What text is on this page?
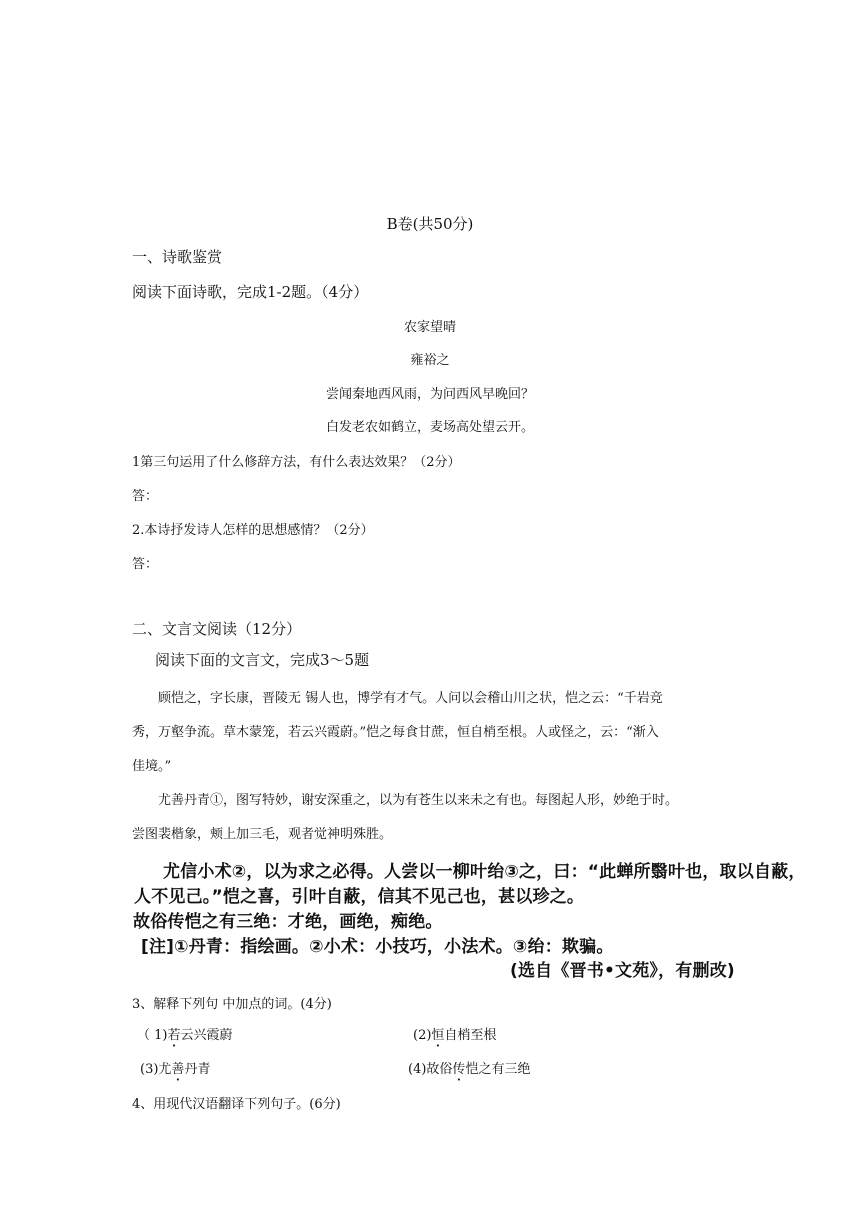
B卷(共50分)
一、诗歌鉴赏
阅读下面诗歌，完成1-2题。（4分）
农家望晴
雍裕之
尝闻秦地西风雨，为问西风早晚回？
白发老农如鹤立，麦场高处望云开。
1第三句运用了什么修辞方法，有什么表达效果？（2分）
答：
2.本诗抒发诗人怎样的思想感情？（2分）
答：
二、文言文阅读（12分）
阅读下面的文言文，完成3～5题
顾恺之，字长康，晋陵无 锡人也，博学有才气。人问以会稽山川之状，恺之云：“千岩竞
秀，万壑争流。草木蒙笼，若云兴霞蔚。”恺之每食甘蔗，恒自梢至根。人或怪之，云：“渐入
佳境。”
尤善丹青①，图写特妙，谢安深重之，以为有苍生以来未之有也。每图起人形，妙绝于时。
尝图裴楷象，颊上加三毛，观者觉神明殊胜。
尤信小术②，以为求之必得。人尝以一柳叶绐③之，曰：“此蝉所翳叶也，取以自蔽，
人不见己。”恺之喜，引叶自蔽，信其不见己也，甚以珍之。
故俗传恺之有三绝：才绝，画绝，痴绝。
[注]①丹青：指绘画。②小术：小技巧，小法术。③绐：欺骗。
(选自《晋书•文苑》，有删改)
3、解释下列句 中加点的词。(4分)
（ 1)若云兴霞蔚	(2)恒自梢至根
(3)尤善丹青	(4)故俗传恺之有三绝
4、用现代汉语翻译下列句子。(6分)
